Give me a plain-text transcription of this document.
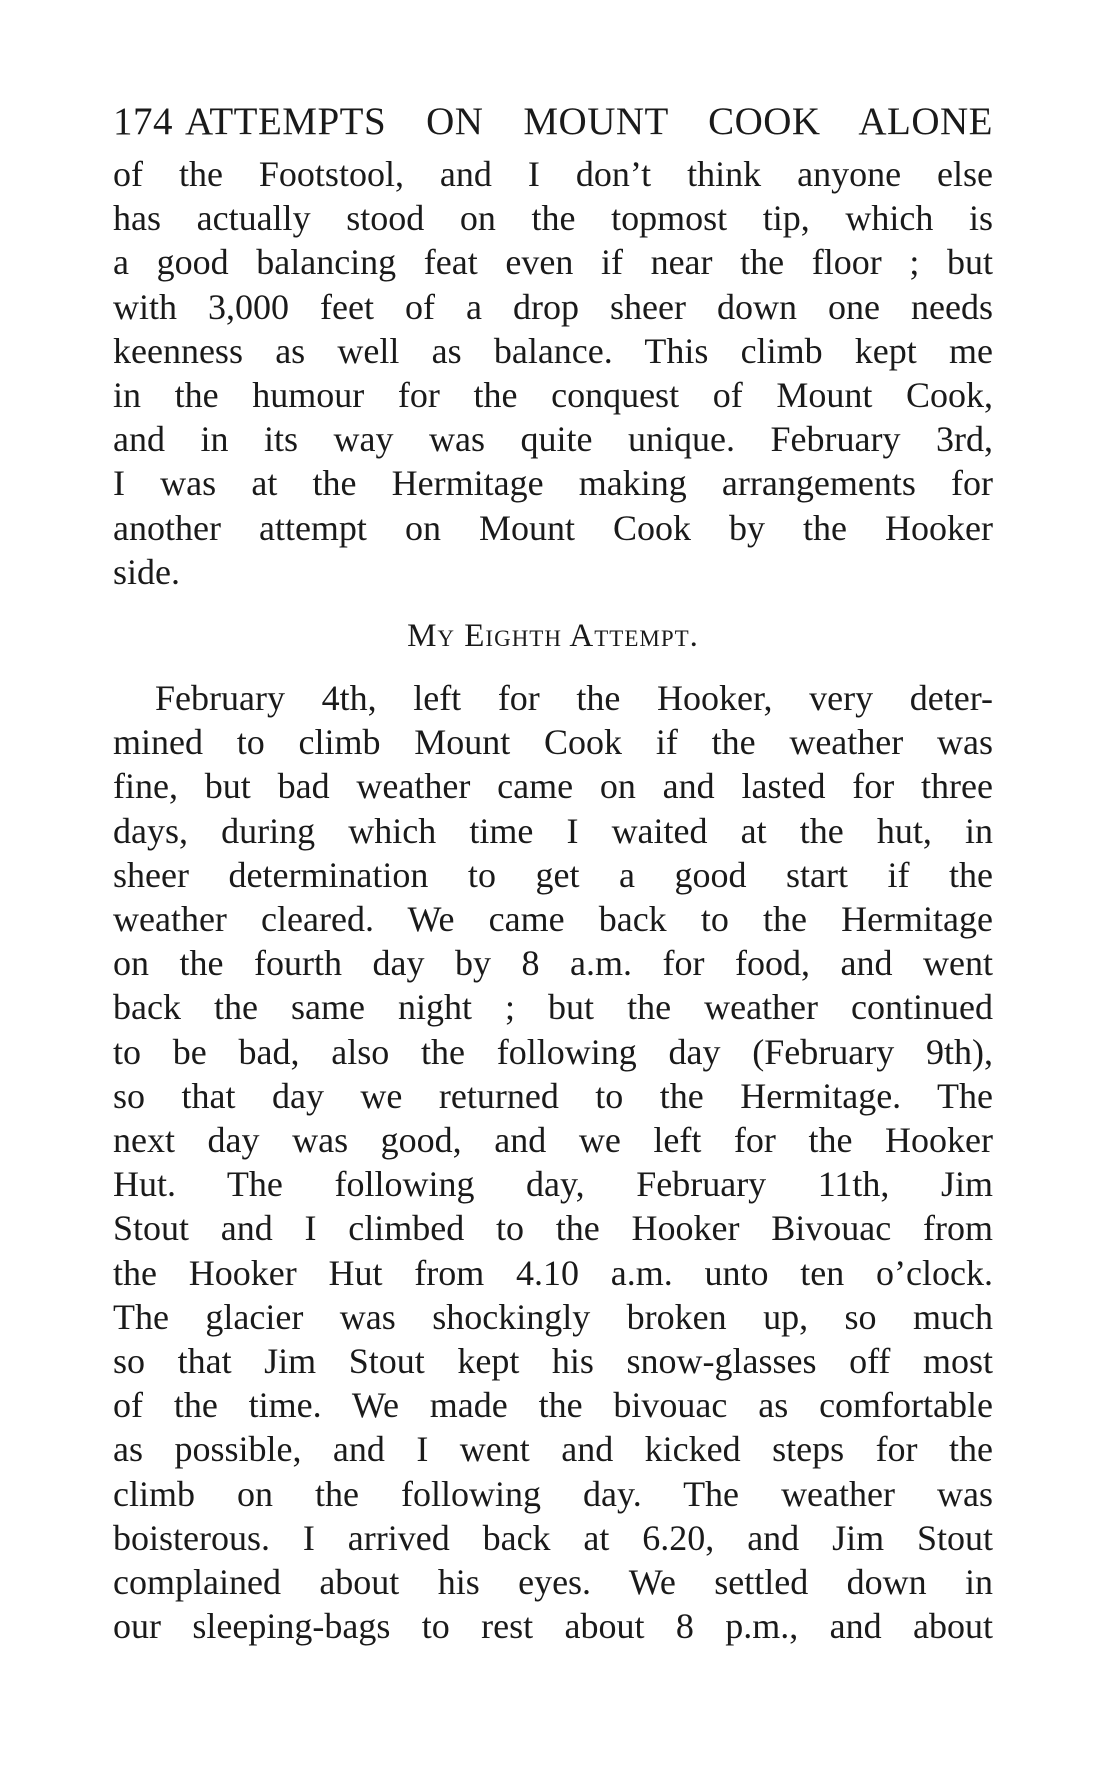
174 ATTEMPTS ON MOUNT COOK ALONE
of the Footstool, and I don’t think anyone else
has actually stood on the topmost tip, which is
a good balancing feat even if near the floor ; but
with 3,000 feet of a drop sheer down one needs
keenness as well as balance. This climb kept me
in the humour for the conquest of Mount Cook,
and in its way was quite unique. February 3rd,
I was at the Hermitage making arrangements for
another attempt on Mount Cook by the Hooker
side.
My Eighth Attempt.
February 4th, left for the Hooker, very deter-
mined to climb Mount Cook if the weather was
fine, but bad weather came on and lasted for three
days, during which time I waited at the hut, in
sheer determination to get a good start if the
weather cleared. We came back to the Hermitage
on the fourth day by 8 a.m. for food, and went
back the same night ; but the weather continued
to be bad, also the following day (February 9th),
so that day we returned to the Hermitage. The
next day was good, and we left for the Hooker
Hut. The following day, February 11th, Jim
Stout and I climbed to the Hooker Bivouac from
the Hooker Hut from 4.10 a.m. unto ten o’clock.
The glacier was shockingly broken up, so much
so that Jim Stout kept his snow-glasses off most
of the time. We made the bivouac as comfortable
as possible, and I went and kicked steps for the
climb on the following day. The weather was
boisterous. I arrived back at 6.20, and Jim Stout
complained about his eyes. We settled down in
our sleeping-bags to rest about 8 p.m., and about
